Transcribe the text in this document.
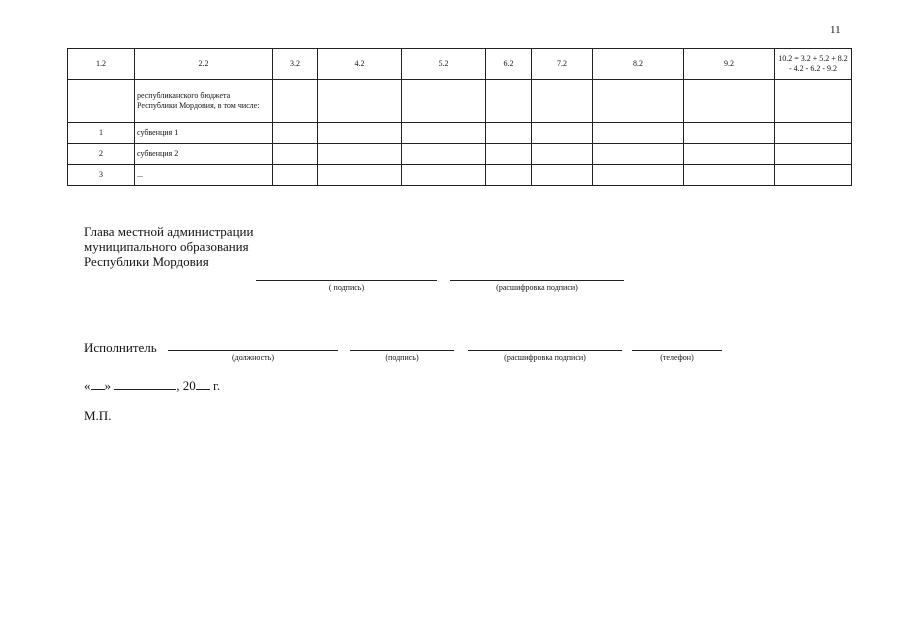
11
1.2	2.2	3.2	4.2	5.2	6.2	7.2	8.2	9.2	10.2 = 3.2 + 5.2 + 8.2 - 4.2 - 6.2 - 9.2
	республиканского бюджета Республики Мордовия, в том числе:								
1	субвенция 1								
2	субвенция 2								
3	...								
Глава местной администрации
муниципального образования
Республики Мордовия
( подпись)	(расшифровка подписи)
Исполнитель
(должность)	(подпись)	(расшифровка подписи)	(телефон)
« »	, 20 г.
М.П.
